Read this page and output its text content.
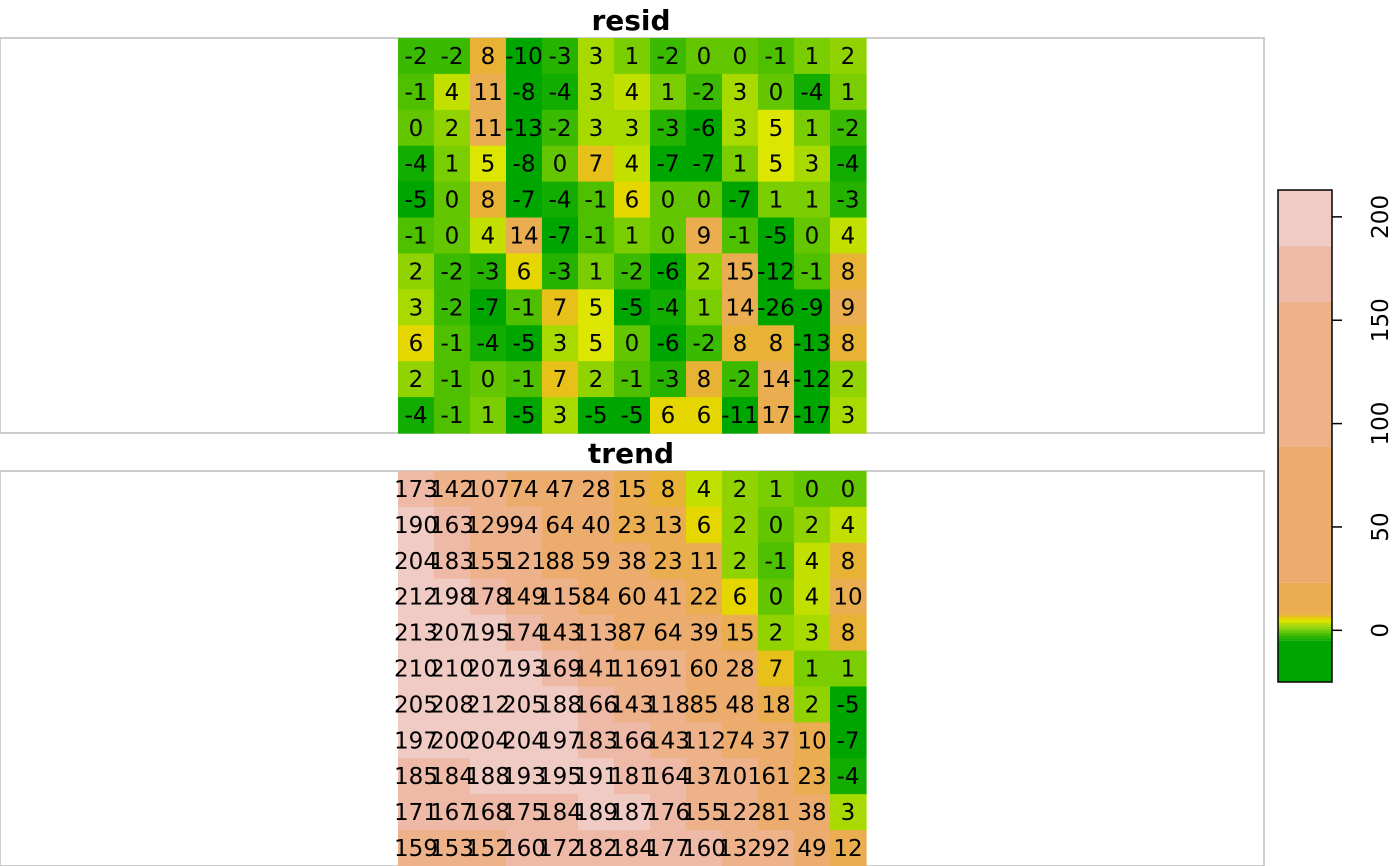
-2 -2 8 -10 -3 3 1 -2 0 0 -1 1 2
-1 4 11 -8 -4 3 4 1 -2 3 0 -4 1
0 2 11 -13 -2 3 3 -3 -6 3 5 1 -2
-4 1 5 -8 0 7 4 -7 -7 1 5 3 -4
-5 0 8 -7 -4 -1 6 0 0 -7 1 1 -3
-1 0 4 14 -7 -1 1 0 9 -1 -5 0 4
2 -2 -3 6 -3 1 -2 -6 2 15 -12 -1 8
3 -2 -7 -1 7 5 -5 -4 1 14 -26 -9 9
6 -1 -4 -5 3 5 0 -6 -2 8 8 -13 8
2 -1 0 -1 7 2 -1 -3 8 -2 14 -12 2
-4 -1 1 -5 3 -5 -5 6 6 -11 17 -17 3
resid
173
142
107 74 47 28 15 8 4 2 1 0 0
190
163
129 94 64 40 23 13 6 2 0 2 4
204
183
155
121 88 59 38 23 11 2 -1 4 8
212
198
178
149
115 84 60 41 22 6 0 4 10
213
207
195
174
143
113 87 64 39 15 2 3 8
210
210
207
193
169
141
116 91 60 28 7 1 1
205
208
212
205
188
166
143
118 85 48 18 2 -5
197
200
204
204
197
183
166
143
112 74 37 10 -7
185
184
188
193
195
191
181
164
137
101 61 23 -4
171
167
168
175
184
189
187
176
155
122 81 38 3
159
153
152
160
172
182
184
177
160
132 92 49 12
trend
0
50
100
150
200
